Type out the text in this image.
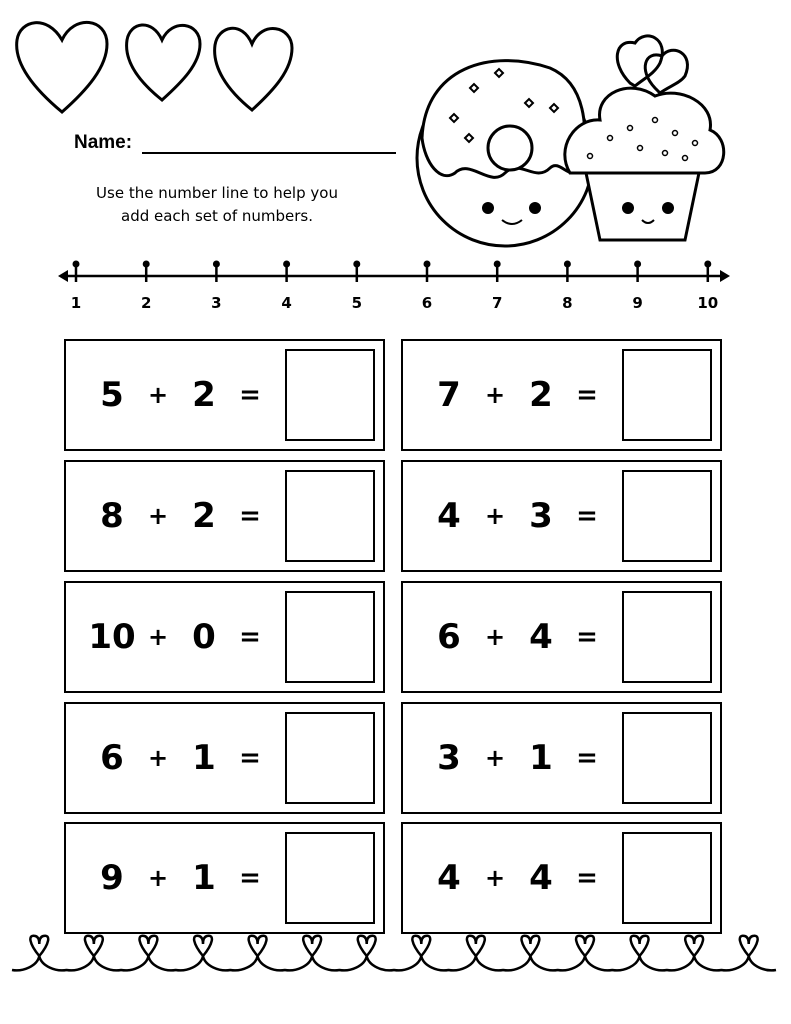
Name:
Use the number line to help you
add each set of numbers.
1	2	3	4	5	6	7	8	9	10
5	+ 2 =	7	+ 2 =
8	+ 2 =	4	+ 3 =
10 + 0 =	6	+ 4 =
6	+ 1 =	3	+ 1 =
9	+ 1 =	4	+ 4 =
